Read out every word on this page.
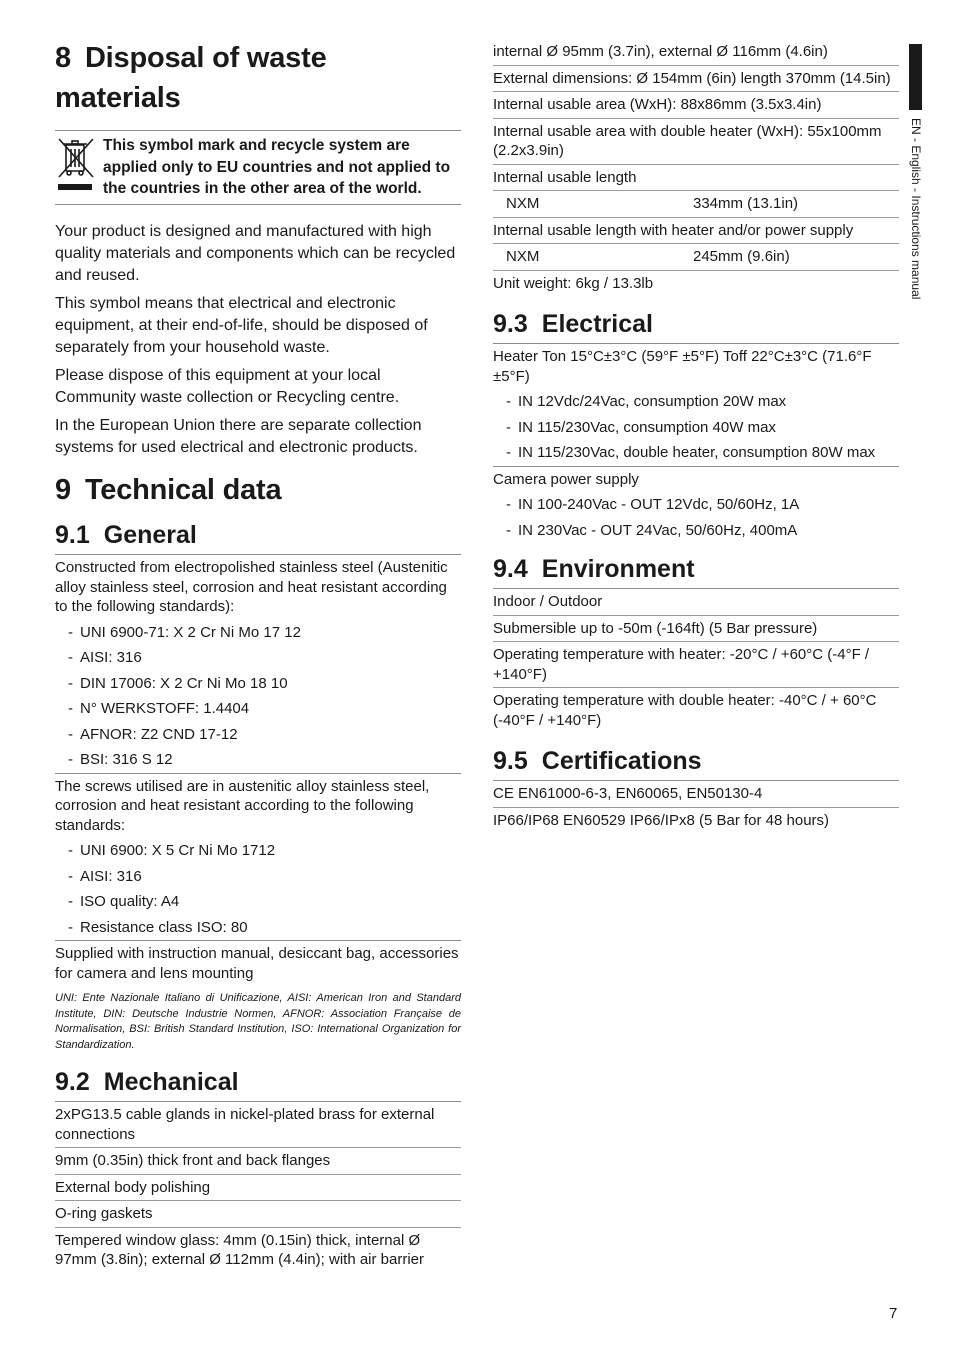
EN - English - Instructions manual
7
8 Disposal of waste
materials
This symbol mark and recycle system are applied only to EU countries and not applied to the countries in the other area of the world.

Your product is designed and manufactured with high quality materials and components which can be recycled and reused.

This symbol means that electrical and electronic equipment, at their end-of-life, should be disposed of separately from your household waste.

Please dispose of this equipment at your local Community waste collection or Recycling centre.

In the European Union there are separate collection systems for used electrical and electronic products.

9 Technical data
9.1 General
Constructed from electropolished stainless steel (Austenitic alloy stainless steel, corrosion and heat resistant according to the following standards):
- UNI 6900-71: X 2 Cr Ni Mo 17 12
- AISI: 316
- DIN 17006: X 2 Cr Ni Mo 18 10
- N° WERKSTOFF: 1.4404
- AFNOR: Z2 CND 17-12
- BSI: 316 S 12
The screws utilised are in austenitic alloy stainless steel, corrosion and heat resistant according to the following standards:
- UNI 6900: X 5 Cr Ni Mo 1712
- AISI: 316
- ISO quality: A4
- Resistance class ISO: 80
Supplied with instruction manual, desiccant bag, accessories for camera and lens mounting
UNI: Ente Nazionale Italiano di Unificazione, AISI: American Iron and Standard Institute, DIN: Deutsche Industrie Normen, AFNOR: Association Française de Normalisation, BSI: British Standard Institution, ISO: International Organization for Standardization.
9.2 Mechanical
2xPG13.5 cable glands in nickel-plated brass for external connections
9mm (0.35in) thick front and back flanges
External body polishing
O-ring gaskets
Tempered window glass: 4mm (0.15in) thick, internal Ø 97mm (3.8in); external Ø 112mm (4.4in); with air barrier
internal Ø 95mm (3.7in), external Ø 116mm (4.6in)
External dimensions: Ø 154mm (6in) length 370mm (14.5in)
Internal usable area (WxH): 88x86mm (3.5x3.4in)
Internal usable area with double heater (WxH): 55x100mm (2.2x3.9in)
Internal usable length
NXM	334mm (13.1in)
Internal usable length with heater and/or power supply
NXM	245mm (9.6in)
Unit weight: 6kg / 13.3lb
9.3 Electrical
Heater Ton 15°C±3°C (59°F ±5°F) Toff 22°C±3°C (71.6°F ±5°F)
- IN 12Vdc/24Vac, consumption 20W max
- IN 115/230Vac, consumption 40W max
- IN 115/230Vac, double heater, consumption 80W max
Camera power supply
- IN 100-240Vac - OUT 12Vdc, 50/60Hz, 1A
- IN 230Vac - OUT 24Vac, 50/60Hz, 400mA
9.4 Environment
Indoor / Outdoor
Submersible up to -50m (-164ft) (5 Bar pressure)
Operating temperature with heater: -20°C / +60°C (-4°F / +140°F)
Operating temperature with double heater: -40°C / + 60°C (-40°F / +140°F)
9.5 Certifications
CE EN61000-6-3, EN60065, EN50130-4
IP66/IP68 EN60529 IP66/IPx8 (5 Bar for 48 hours)
